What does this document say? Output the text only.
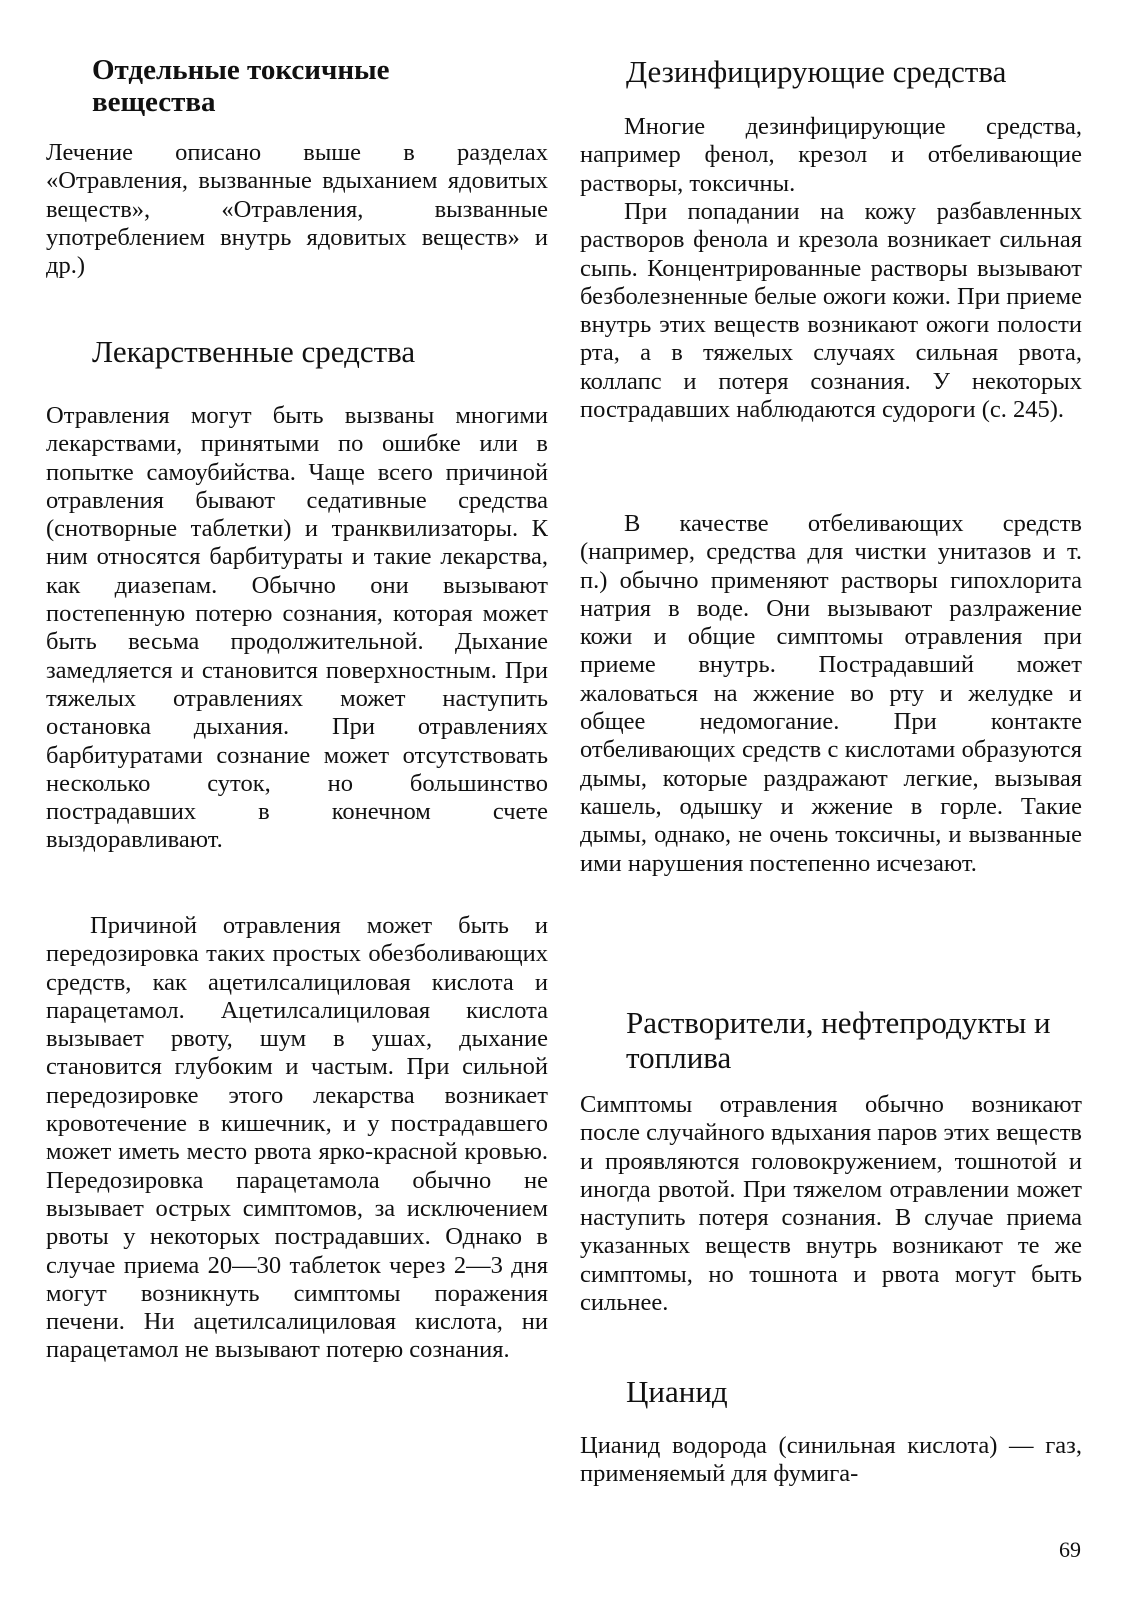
Отдельные токсичные вещества

Лечение описано выше в разделах «Отравления, вызванные вдыханием ядовитых веществ», «Отравления, вызванные употреблением внутрь ядовитых веществ» и др.)

Лекарственные средства

Отравления могут быть вызваны многими лекарствами, принятыми по ошибке или в попытке самоубийства. Чаще всего причиной отравления бывают седативные средства (снотворные таблетки) и транквилизаторы. К ним относятся барбитураты и такие лекарства, как диазепам. Обычно они вызывают постепенную потерю сознания, которая может быть весьма продолжительной. Дыхание замедляется и становится поверхностным. При тяжелых отравлениях может наступить остановка дыхания. При отравлениях барбитуратами сознание может отсутствовать несколько суток, но большинство пострадавших в конечном счете выздоравливают.

Причиной отравления может быть и передозировка таких простых обезболивающих средств, как ацетилсалициловая кислота и парацетамол. Ацетилсалициловая кислота вызывает рвоту, шум в ушах, дыхание становится глубоким и частым. При сильной передозировке этого лекарства возникает кровотечение в кишечник, и у пострадавшего может иметь место рвота ярко-красной кровью. Передозировка парацетамола обычно не вызывает острых симптомов, за исключением рвоты у некоторых пострадавших. Однако в случае приема 20—30 таблеток через 2—3 дня могут возникнуть симптомы поражения печени. Ни ацетилсалициловая кислота, ни парацетамол не вызывают потерю сознания.

Дезинфицирующие средства

Многие дезинфицирующие средства, например фенол, крезол и отбеливающие растворы, токсичны.

При попадании на кожу разбавленных растворов фенола и крезола возникает сильная сыпь. Концентрированные растворы вызывают безболезненные белые ожоги кожи. При приеме внутрь этих веществ возникают ожоги полости рта, а в тяжелых случаях сильная рвота, коллапс и потеря сознания. У некоторых пострадавших наблюдаются судороги (с. 245).

В качестве отбеливающих средств (например, средства для чистки унитазов и т. п.) обычно применяют растворы гипохлорита натрия в воде. Они вызывают разлражение кожи и общие симптомы отравления при приеме внутрь. Пострадавший может жаловаться на жжение во рту и желудке и общее недомогание. При контакте отбеливающих средств с кислотами образуются дымы, которые раздражают легкие, вызывая кашель, одышку и жжение в горле. Такие дымы, однако, не очень токсичны, и вызванные ими нарушения постепенно исчезают.

Растворители, нефтепродукты и топлива

Симптомы отравления обычно возникают после случайного вдыхания паров этих веществ и проявляются головокружением, тошнотой и иногда рвотой. При тяжелом отравлении может наступить потеря сознания. В случае приема указанных веществ внутрь возникают те же симптомы, но тошнота и рвота могут быть сильнее.

Цианид

Цианид водорода (синильная кислота) — газ, применяемый для фумига-

69
